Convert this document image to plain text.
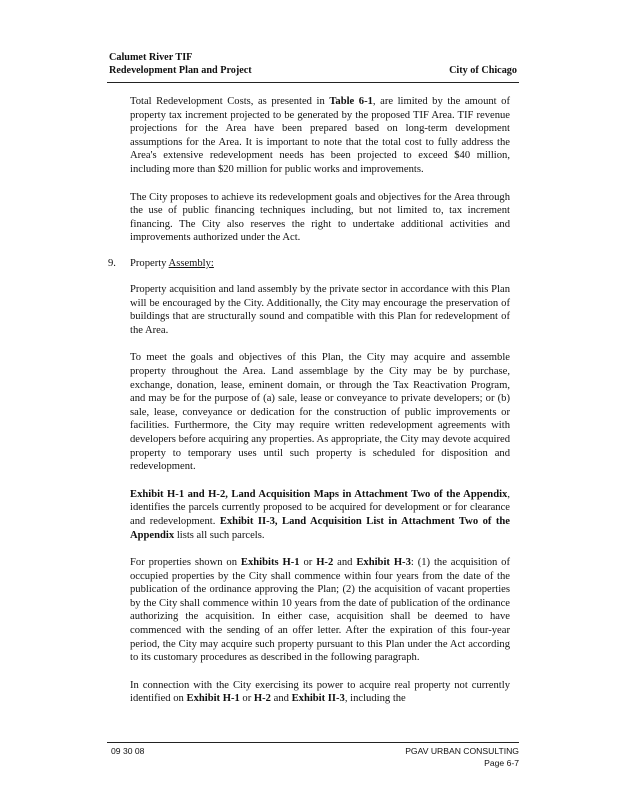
Calumet River TIF
Redevelopment Plan and Project	City of Chicago

Total Redevelopment Costs, as presented in Table 6-1, are limited by the amount of property tax increment projected to be generated by the proposed TIF Area. TIF revenue projections for the Area have been prepared based on long-term development assumptions for the Area. It is important to note that the total cost to fully address the Area's extensive redevelopment needs has been projected to exceed $40 million, including more than $20 million for public works and improvements.

The City proposes to achieve its redevelopment goals and objectives for the Area through the use of public financing techniques including, but not limited to, tax increment financing. The City also reserves the right to undertake additional activities and improvements authorized under the Act.

9. Property Assembly:

Property acquisition and land assembly by the private sector in accordance with this Plan will be encouraged by the City. Additionally, the City may encourage the preservation of buildings that are structurally sound and compatible with this Plan for redevelopment of the Area.

To meet the goals and objectives of this Plan, the City may acquire and assemble property throughout the Area. Land assemblage by the City may be by purchase, exchange, donation, lease, eminent domain, or through the Tax Reactivation Program, and may be for the purpose of (a) sale, lease or conveyance to private developers; or (b) sale, lease, conveyance or dedication for the construction of public improvements or facilities. Furthermore, the City may require written redevelopment agreements with developers before acquiring any properties. As appropriate, the City may devote acquired property to temporary uses until such property is scheduled for disposition and redevelopment.

Exhibit H-1 and H-2, Land Acquisition Maps in Attachment Two of the Appendix, identifies the parcels currently proposed to be acquired for development or for clearance and redevelopment. Exhibit II-3, Land Acquisition List in Attachment Two of the Appendix lists all such parcels.

For properties shown on Exhibits H-1 or H-2 and Exhibit H-3: (1) the acquisition of occupied properties by the City shall commence within four years from the date of the publication of the ordinance approving the Plan; (2) the acquisition of vacant properties by the City shall commence within 10 years from the date of publication of the ordinance authorizing the acquisition. In either case, acquisition shall be deemed to have commenced with the sending of an offer letter. After the expiration of this four-year period, the City may acquire such property pursuant to this Plan under the Act according to its customary procedures as described in the following paragraph.

In connection with the City exercising its power to acquire real property not currently identified on Exhibit H-1 or H-2 and Exhibit II-3, including the

09 30 08	PGAV URBAN CONSULTING
Page 6-7
